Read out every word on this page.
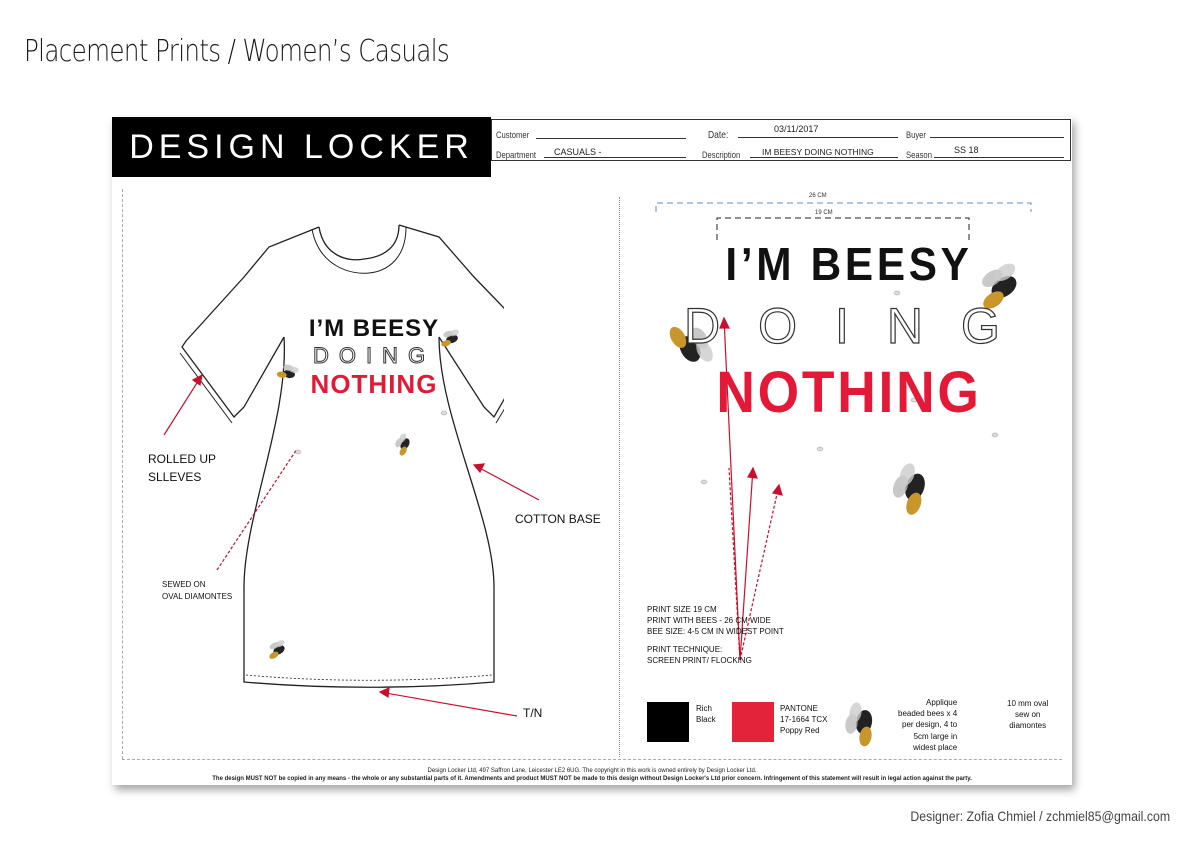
Placement Prints / Women’s Casuals
DESIGN LOCKER	Customer
Department CASUALS -
Date:
03/11/2017
Description	IM BEESY DOING NOTHING
Buyer
Season SS 18
I’M BEESY
DOING
NOTHING
26 CM
19 CM
I’M BEESY
DOING
NOTHING
ROLLED UP
SLLEVES
COTTON BASE
SEWED ON
OVAL DIAMONTES
T/N
PRINT SIZE 19 CM
PRINT WITH BEES - 26 CM WIDE
BEE SIZE: 4-5 CM IN WIDEST POINT
PRINT TECHNIQUE:
SCREEN PRINT/ FLOCKING
Rich
Black
PANTONE
17-1664 TCX
Poppy Red
Applique
beaded bees x 4
per design, 4 to
5cm large in
widest place
10 mm oval
sew on
diamontes
Design Locker Ltd, 497 Saffron Lane, Leicester LE2 6UG. The copyright in this work is owned entirely by Design Locker Ltd.
The design MUST NOT be copied in any means - the whole or any substantial parts of it. Amendments and product MUST NOT be made to this design without Design Locker's Ltd prior concern. Infringement of this statement will result in legal action against the party.
Designer: Zofia Chmiel / zchmiel85@gmail.com
